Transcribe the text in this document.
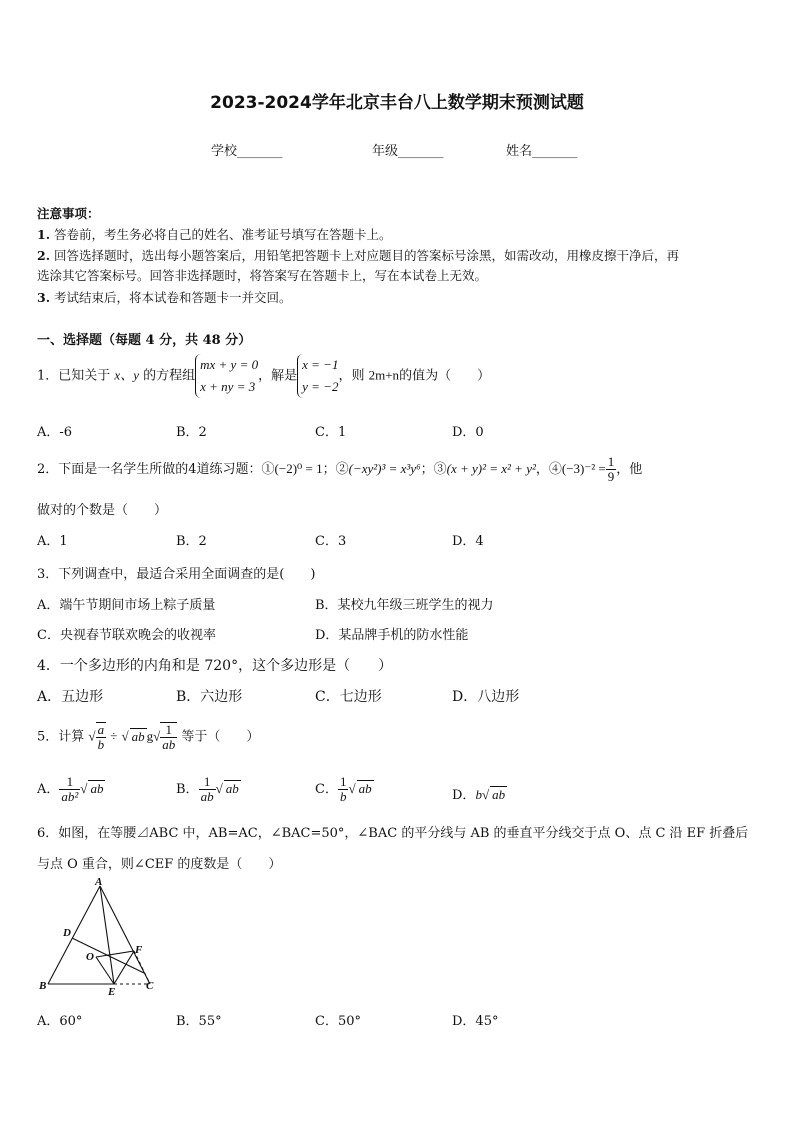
2023-2024学年北京丰台八上数学期末预测试题
学校_______	年级_______	姓名_______
注意事项：
1. 答卷前，考生务必将自己的姓名、准考证号填写在答题卡上。
2. 回答选择题时，选出每小题答案后，用铅笔把答题卡上对应题目的答案标号涂黑，如需改动，用橡皮擦干净后，再
选涂其它答案标号。回答非选择题时，将答案写在答题卡上，写在本试卷上无效。
3. 考试结束后，将本试卷和答题卡一并交回。
一、选择题（每题 4 分，共 48 分）
1．已知关于 x、y 的方程组
mx + y = 0
x + ny = 3
，解是
x = −1
y = −2
，则 2m+n的值为（　　）
A．-6	B．2	C．1	D．0
2．下面是一名学生所做的4道练习题：①(−2)⁰ = 1；②(−xy²)³ = x³y⁶；③(x + y)² = x² + y²，④(−3)⁻² = $\frac{1}{9}$ ，他
做对的个数是（　　）
A．1	B．2	C．3	D．4
3．下列调查中，最适合采用全面调查的是(　　)
A．端午节期间市场上粽子质量	B．某校九年级三班学生的视力
C．央视春节联欢晚会的收视率	D．某品牌手机的防水性能
4．一个多边形的内角和是 720°，这个多边形是（　　）
A．五边形	B．六边形	C．七边形	D．八边形
5．计算 √ $\frac{a}{b}$ ÷ √ ab $g√ \frac{1}{ab}$ 等于（　　）
A． $\frac{1}{\text{ab²}}$ √ ab	B． $\frac{1}{ab}$ √ ab	C． $\frac{1}{b}$ √ ab	D．b√ ab
6．如图，在等腰⊿ABC 中，AB=AC，∠BAC=50°，∠BAC 的平分线与 AB 的垂直平分线交于点 O、点 C 沿 EF 折叠后
与点 O 重合，则∠CEF 的度数是（　　）
A
B	C
D
E
F
O
A．60°	B．55°	C．50°	D．45°
